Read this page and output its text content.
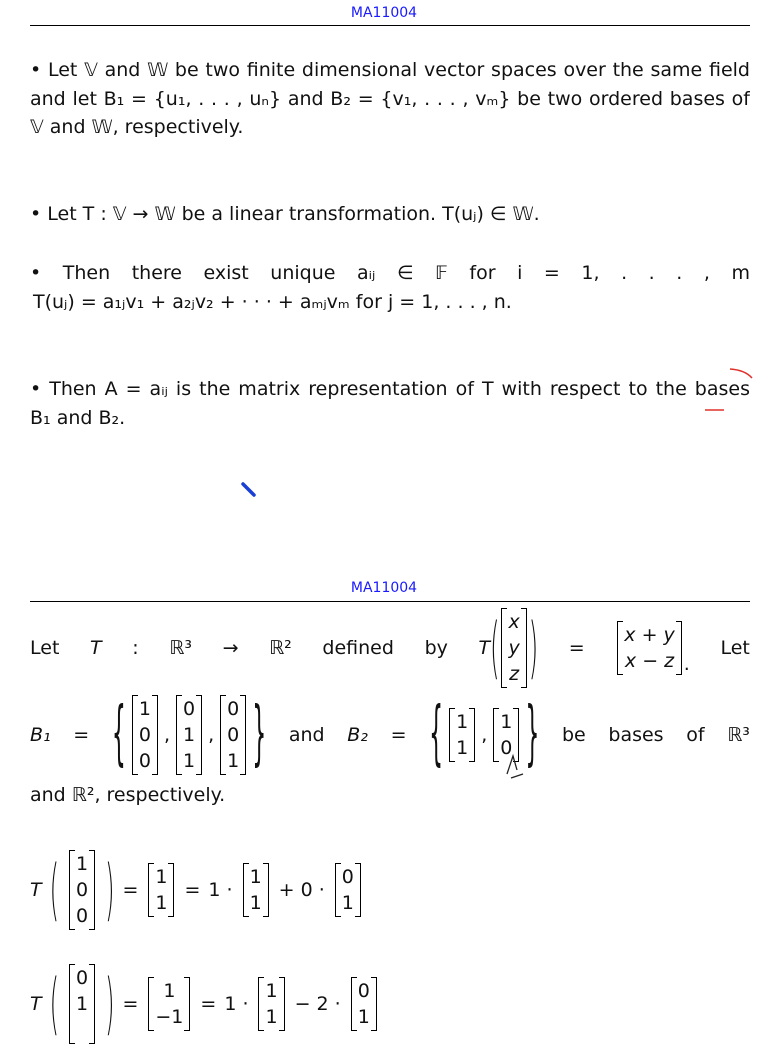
MA11004
• Let 𝕍 and 𝕎 be two finite dimensional vector spaces over the same field
and let B₁ = {u₁, . . . , uₙ} and B₂ = {v₁, . . . , vₘ} be two ordered bases of
𝕍 and 𝕎, respectively.
• Let T : 𝕍 → 𝕎 be a linear transformation. T(uⱼ) ∈ 𝕎.
• Then there exist unique aᵢⱼ ∈ 𝔽 for i = 1, . . . , m
T(uⱼ) = a₁ⱼv₁ + a₂ⱼv₂ + · · · + aₘⱼvₘ for j = 1, . . . , n.
• Then A = aᵢⱼ is the matrix representation of T with respect to the bases
B₁ and B₂.
MA11004
Let T : ℝ³ → ℝ² defined by T ( x
y
z ) =
x + y
x − z .
Let
B₁ = { 1
0
0
,
0
1
1
,
0
0
1 } and B₂ = { 1
1
,
1
0 } be bases of ℝ³
and ℝ², respectively.
T ( 1
0
0 ) =
1
1
= 1 ·
1
1
+ 0 ·
0
1
T ( 0
1 ) =
1
−1
= 1 ·
1
1
− 2 ·
0
1
